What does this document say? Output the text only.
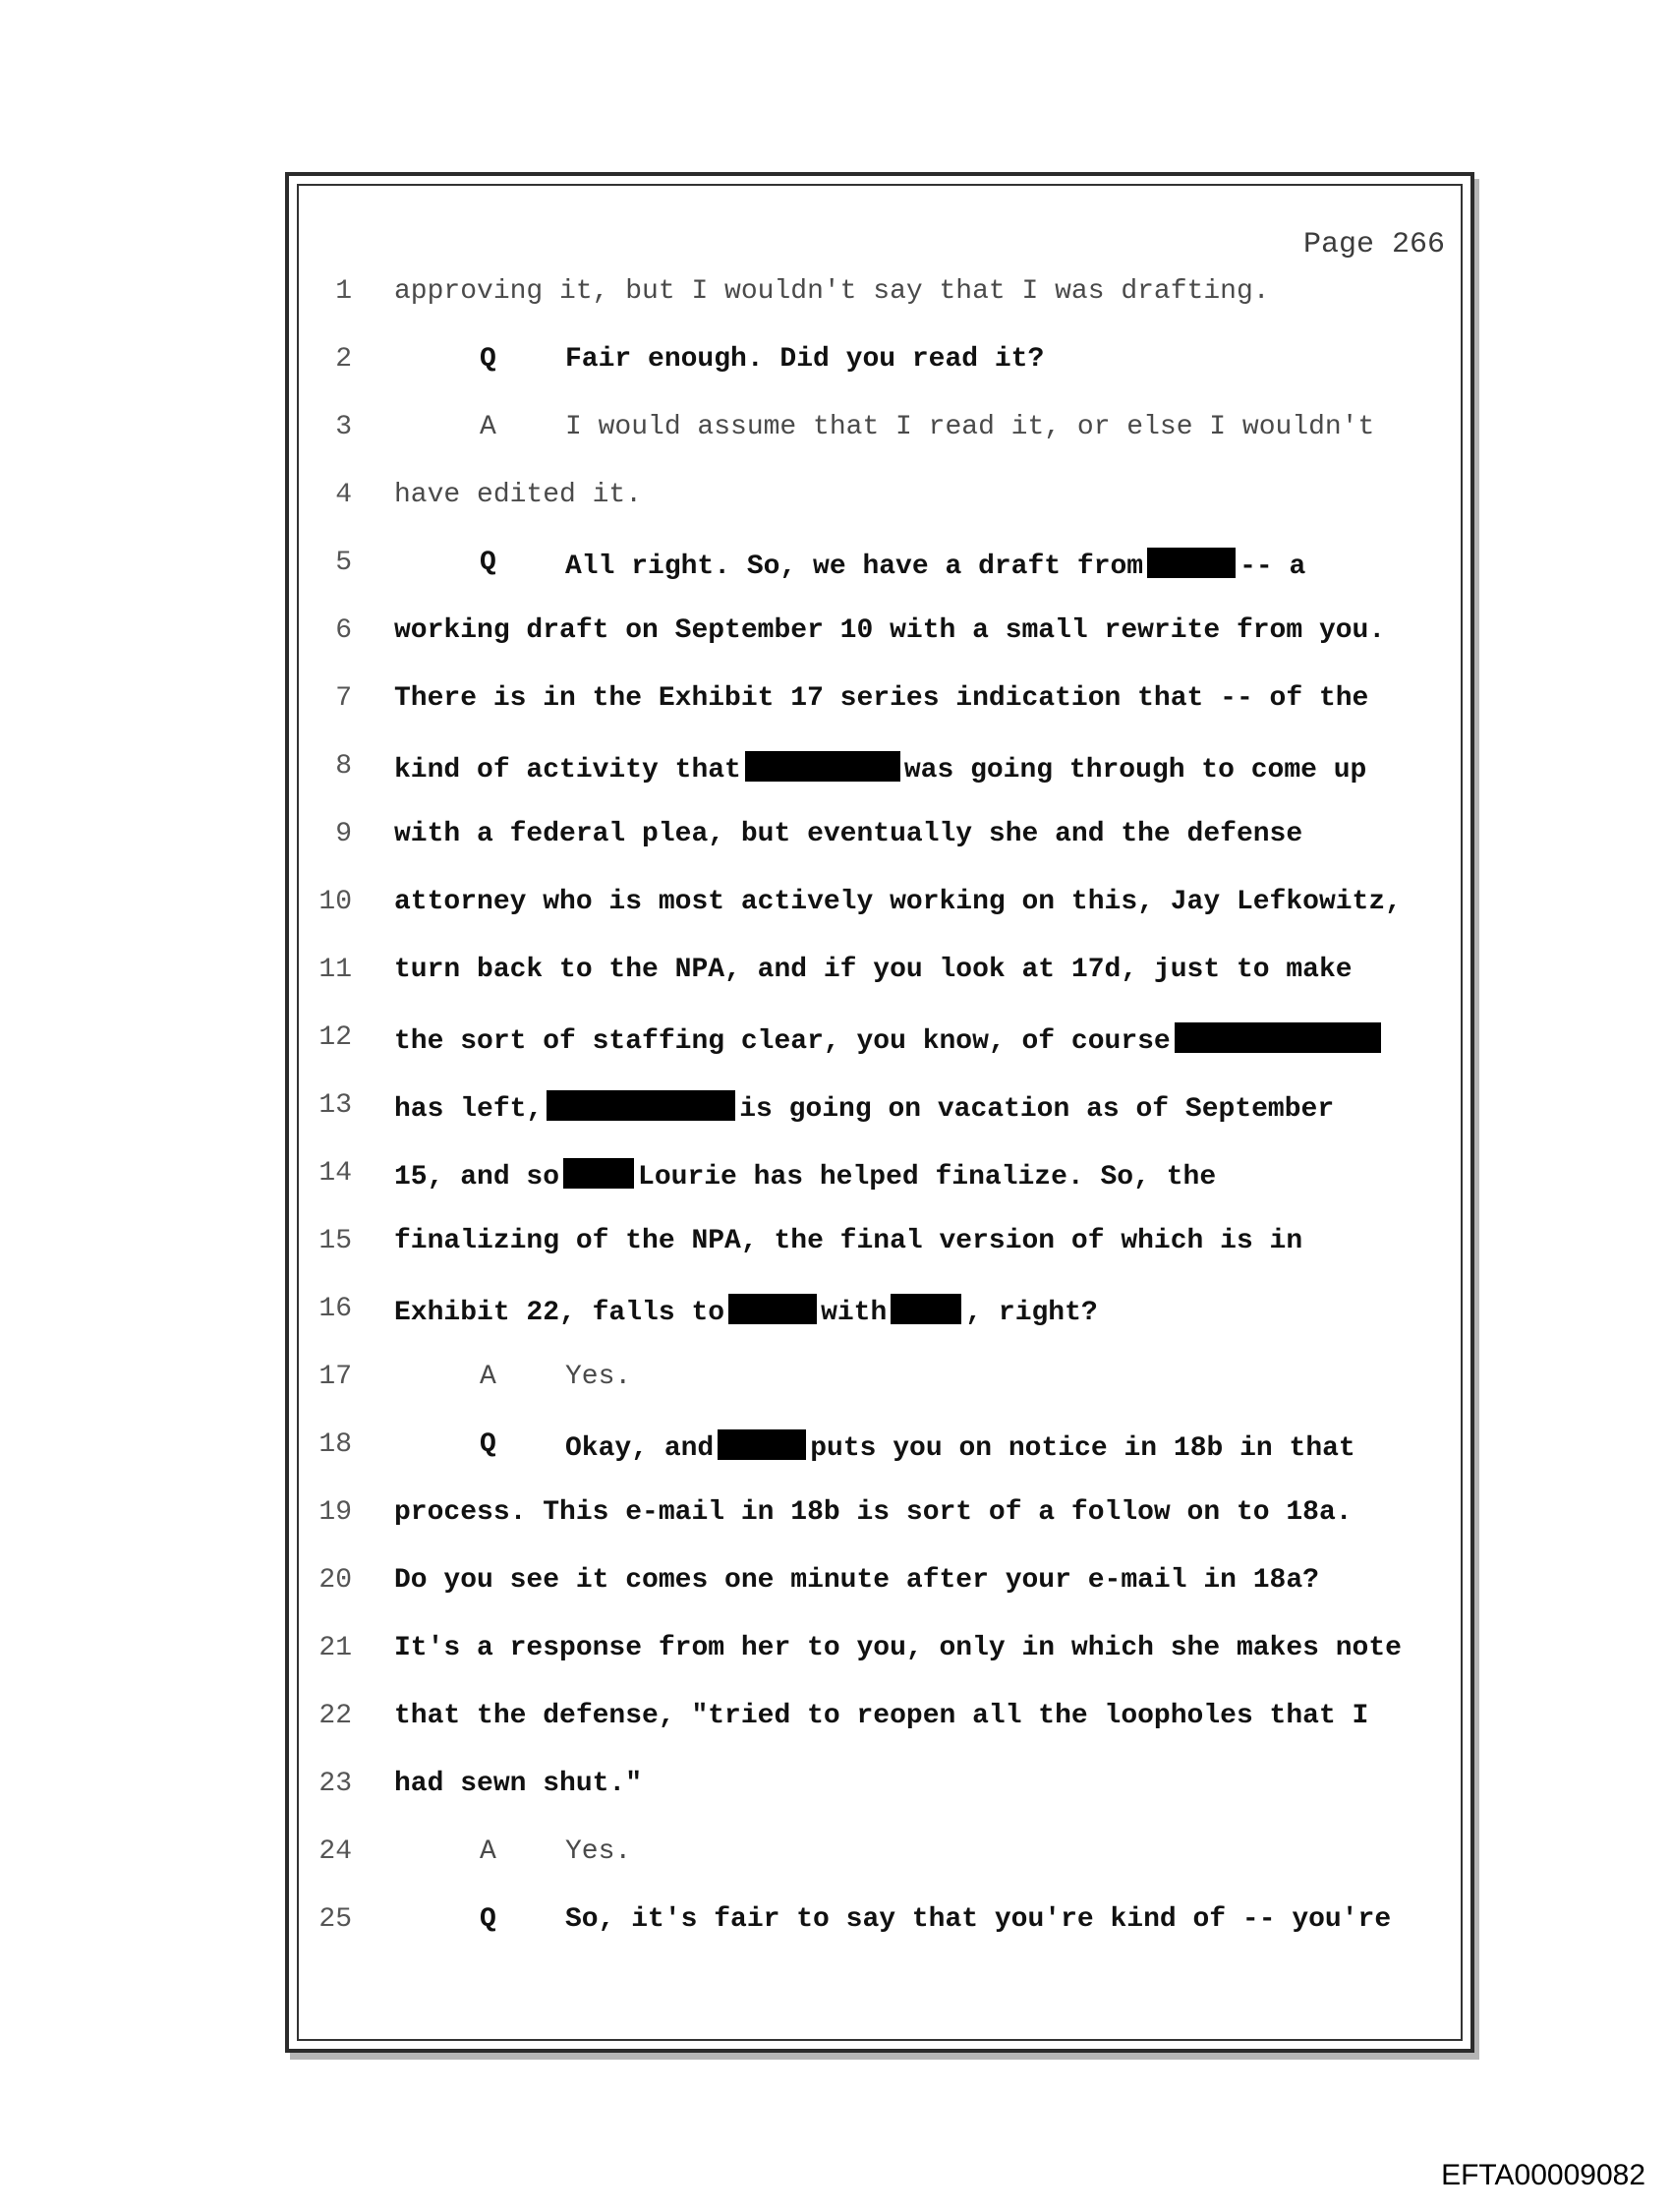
Page 266
1 approving it, but I wouldn't say that I was drafting.
2	Q	Fair enough. Did you read it?
3	A	I would assume that I read it, or else I wouldn't
4 have edited it.
5	Q	All right. So, we have a draft from	-- a
6 working draft on September 10 with a small rewrite from you.
7 There is in the Exhibit 17 series indication that -- of the
8 kind of activity that	was going through to come up
9 with a federal plea, but eventually she and the defense
10 attorney who is most actively working on this, Jay Lefkowitz,
11 turn back to the NPA, and if you look at 17d, just to make
12 the sort of staffing clear, you know, of course
13 has left,	is going on vacation as of September
14 15, and so	Lourie has helped finalize. So, the
15 finalizing of the NPA, the final version of which is in
16 Exhibit 22, falls to	with	, right?
17	A	Yes.
18	Q	Okay, and	puts you on notice in 18b in that
19 process. This e-mail in 18b is sort of a follow on to 18a.
20 Do you see it comes one minute after your e-mail in 18a?
21 It's a response from her to you, only in which she makes note
22 that the defense, "tried to reopen all the loopholes that I
23 had sewn shut."
24	A	Yes.
25	Q	So, it's fair to say that you're kind of -- you're
EFTA00009082
